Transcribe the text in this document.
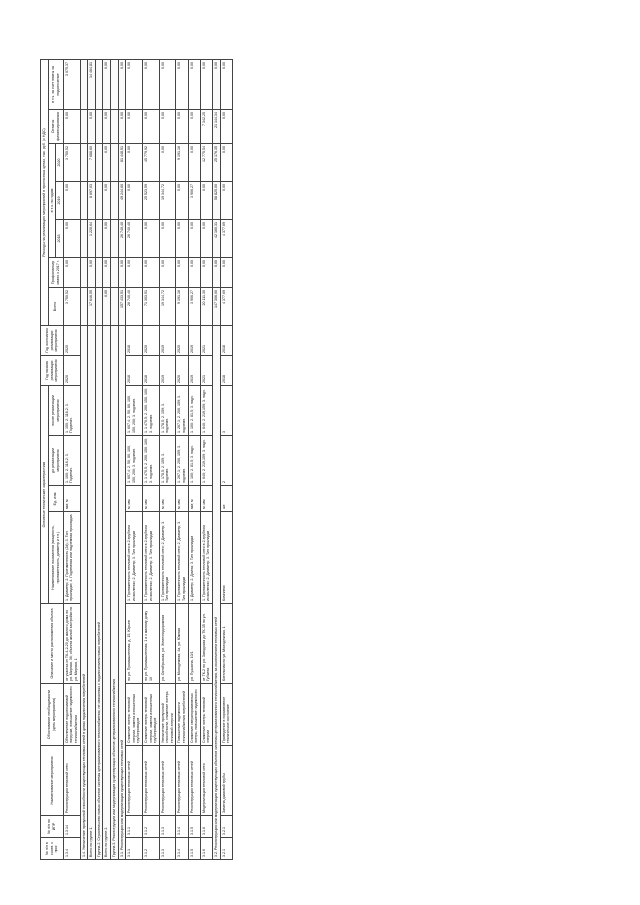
№ п/п в соотв. с прог.	№ п/п по ИПР	Наименование мероприятия	Обоснование необходимости (цель мероприятия)	Описание и место расположения объекта	Основные технические характеристики				Год начала реализации мероприятия	Год окончания реализации мероприятия	Расходы на реализацию мероприятий в прогнозных ценах, тыс. руб. (с НДС)						
					Наименование показателя (мощность, протяженность, диаметр и т.п.)	Ед. изм.	до реализации мероприятия	после реализации мероприятия			Всего	Профинансировано к 2017 г.	в т.ч. по годам			Остаток финансирования	в т.ч. за счет платы за подключение
													2018	2019	2020		
1.3.4	1.3.14	Реконструкция тепловой сети	Обеспечение подключаемой нагрузки, повышение надежности теплоснабжения	от участка от ТК-4-2-20 до жилого дома по ул. Мирная, 36; объекта жилой застройки по ул. Мирная, 1	1. Диаметр; 2. Протяженность (2d); 3. Тип прокладки; 4. Подземная или надземная прокладка	мм; м	1. 100; 2. 116,2; 3. Подземн.	1. 150; 2. 116,2; 3. Подземн.	2020	2020	3 750,52	0,00	0,00	0,00	3 750,52	0,00	3 075,37
1.4. Увеличение пропускной способности существующих тепловых сетей в целях подключения потребителей																	
Всего по группе 1.											17 646,55	0,00	1 220,64	8 697,03	7 688,60	0,00	14 464,81
Группа 2. Строительство новых объектов системы централизованного теплоснабжения, не связанных с подключением новых потребителей																	
Всего по группе 2.											0,00	0,00	0,00	0,00	0,00	0,00	0,00
Группа 3. Реконструкция или модернизация существующих объектов централизованного теплоснабжения																	
3.1. Реконструкция или модернизация существующих тепловых сетей											157 433,51	0,00	26 740,40	49 244,60	81 448,51	0,00	0,00
3.1.1	3.1.1	Реконструкция тепловых сетей	Снижение потерь тепловой энергии, замена изношенных трубопроводов	по ул. Промышленная, д. 15, Юрьев	1. Протяженность тепловой сети в 2-трубном исчислении; 2. Диаметр; 3. Тип прокладки	м; мм	1. 607,4; 2. 50, 80, 100, 150, 200; 3. подземн.	1. 607,4; 2. 50, 80, 100, 150, 200; 3. подземн.	2018	2018	26 740,40	0,00	26 740,40	0,00	0,00	0,00	0,00
3.1.2	3.1.2	Реконструкция тепловых сетей	Снижение потерь тепловой энергии, замена изношенных трубопроводов	по ул. Промышленная, 1 и к жилому дому 10	1. Протяженность тепловой сети в 2-трубном исчислении; 2. Диаметр; 3. Тип прокладки	м; мм	1. 1 470,5; 2. 200, 150, 100; 3. подземн.	1. 1 470,5; 2. 200, 150, 100; 3. подземн.	2018	2020	71 303,51	0,00	0,00	25 523,59	45 779,92	0,00	0,00
3.1.3	3.1.3	Реконструкция тепловых сетей	Увеличение пропускной способности, снижение потерь тепловой энергии	ул. Октябрьская, ул. Железнодорожная	1. Протяженность тепловой сети; 2. Диаметр; 3. Тип прокладки	м; мм	1. 178,5; 2. 159; 3. подземн.	1. 178,5; 2. 159; 3. подземн.	2019	2019	19 344,72	0,00	0,00	19 344,72	0,00	0,00	0,00
3.1.4	3.1.4	Реконструкция тепловых сетей	Повышение надежности теплоснабжения потребителей	ул. Молодежная, 4а, ул. Южная	1. Протяженность тепловой сети; 2. Диаметр; 3. Тип прокладки	м; мм	1. 267,1; 2. 200, 159; 3. подземн.	1. 267,1; 2. 200, 159; 3. подземн.	2020	2020	9 191,16	0,00	0,00	0,00	9 191,16	0,00	0,00
3.1.5	3.1.5	Реконструкция тепловых сетей	Снижение сверхнормативных потерь, повышение надежности	ул. Пушкина, 10/1	1. Диаметр; 2. Длина; 3. Тип прокладки	мм; м	1. 100; 2. 81,5; 3. надз.	1. 100; 2. 81,5; 3. надз.	2019	2019	3 906,27	0,00	0,00	3 906,27	0,00	0,00	0,00
3.1.6	3.1.6	Модернизация тепловой сети	Снижение потерь тепловой энергии	от ТК-2 по ул. Заводская до ТК-35 по ул. Губкина	1. Протяженность тепловой сети в 2-трубном исчислении; 2. Диаметр; 3. Тип прокладки	м; мм	1. 640; 2. 219,159; 3. надз.	1. 640; 2. 219,159; 3. надз.	2021	2021	20 111,30	0,00	0,00	0,00	12 775,54	7 342,25	0,00
3.2. Реконструкция или модернизация существующих объектов системы централизованного теплоснабжения, за исключением тепловых сетей											147 306,00	0,00	42 160,31	58 825,00	25 176,35	21 144,34	0,00
3.2.1	3.2.1	Замена дымовой трубы	Приведение в нормативное техническое состояние	Котельная по ул. Молодежная, 1	Комплекс	шт.	2	3	2018	2018	4 377,69	0,00	4 377,69	0,00	0,00	0,00	0,00
